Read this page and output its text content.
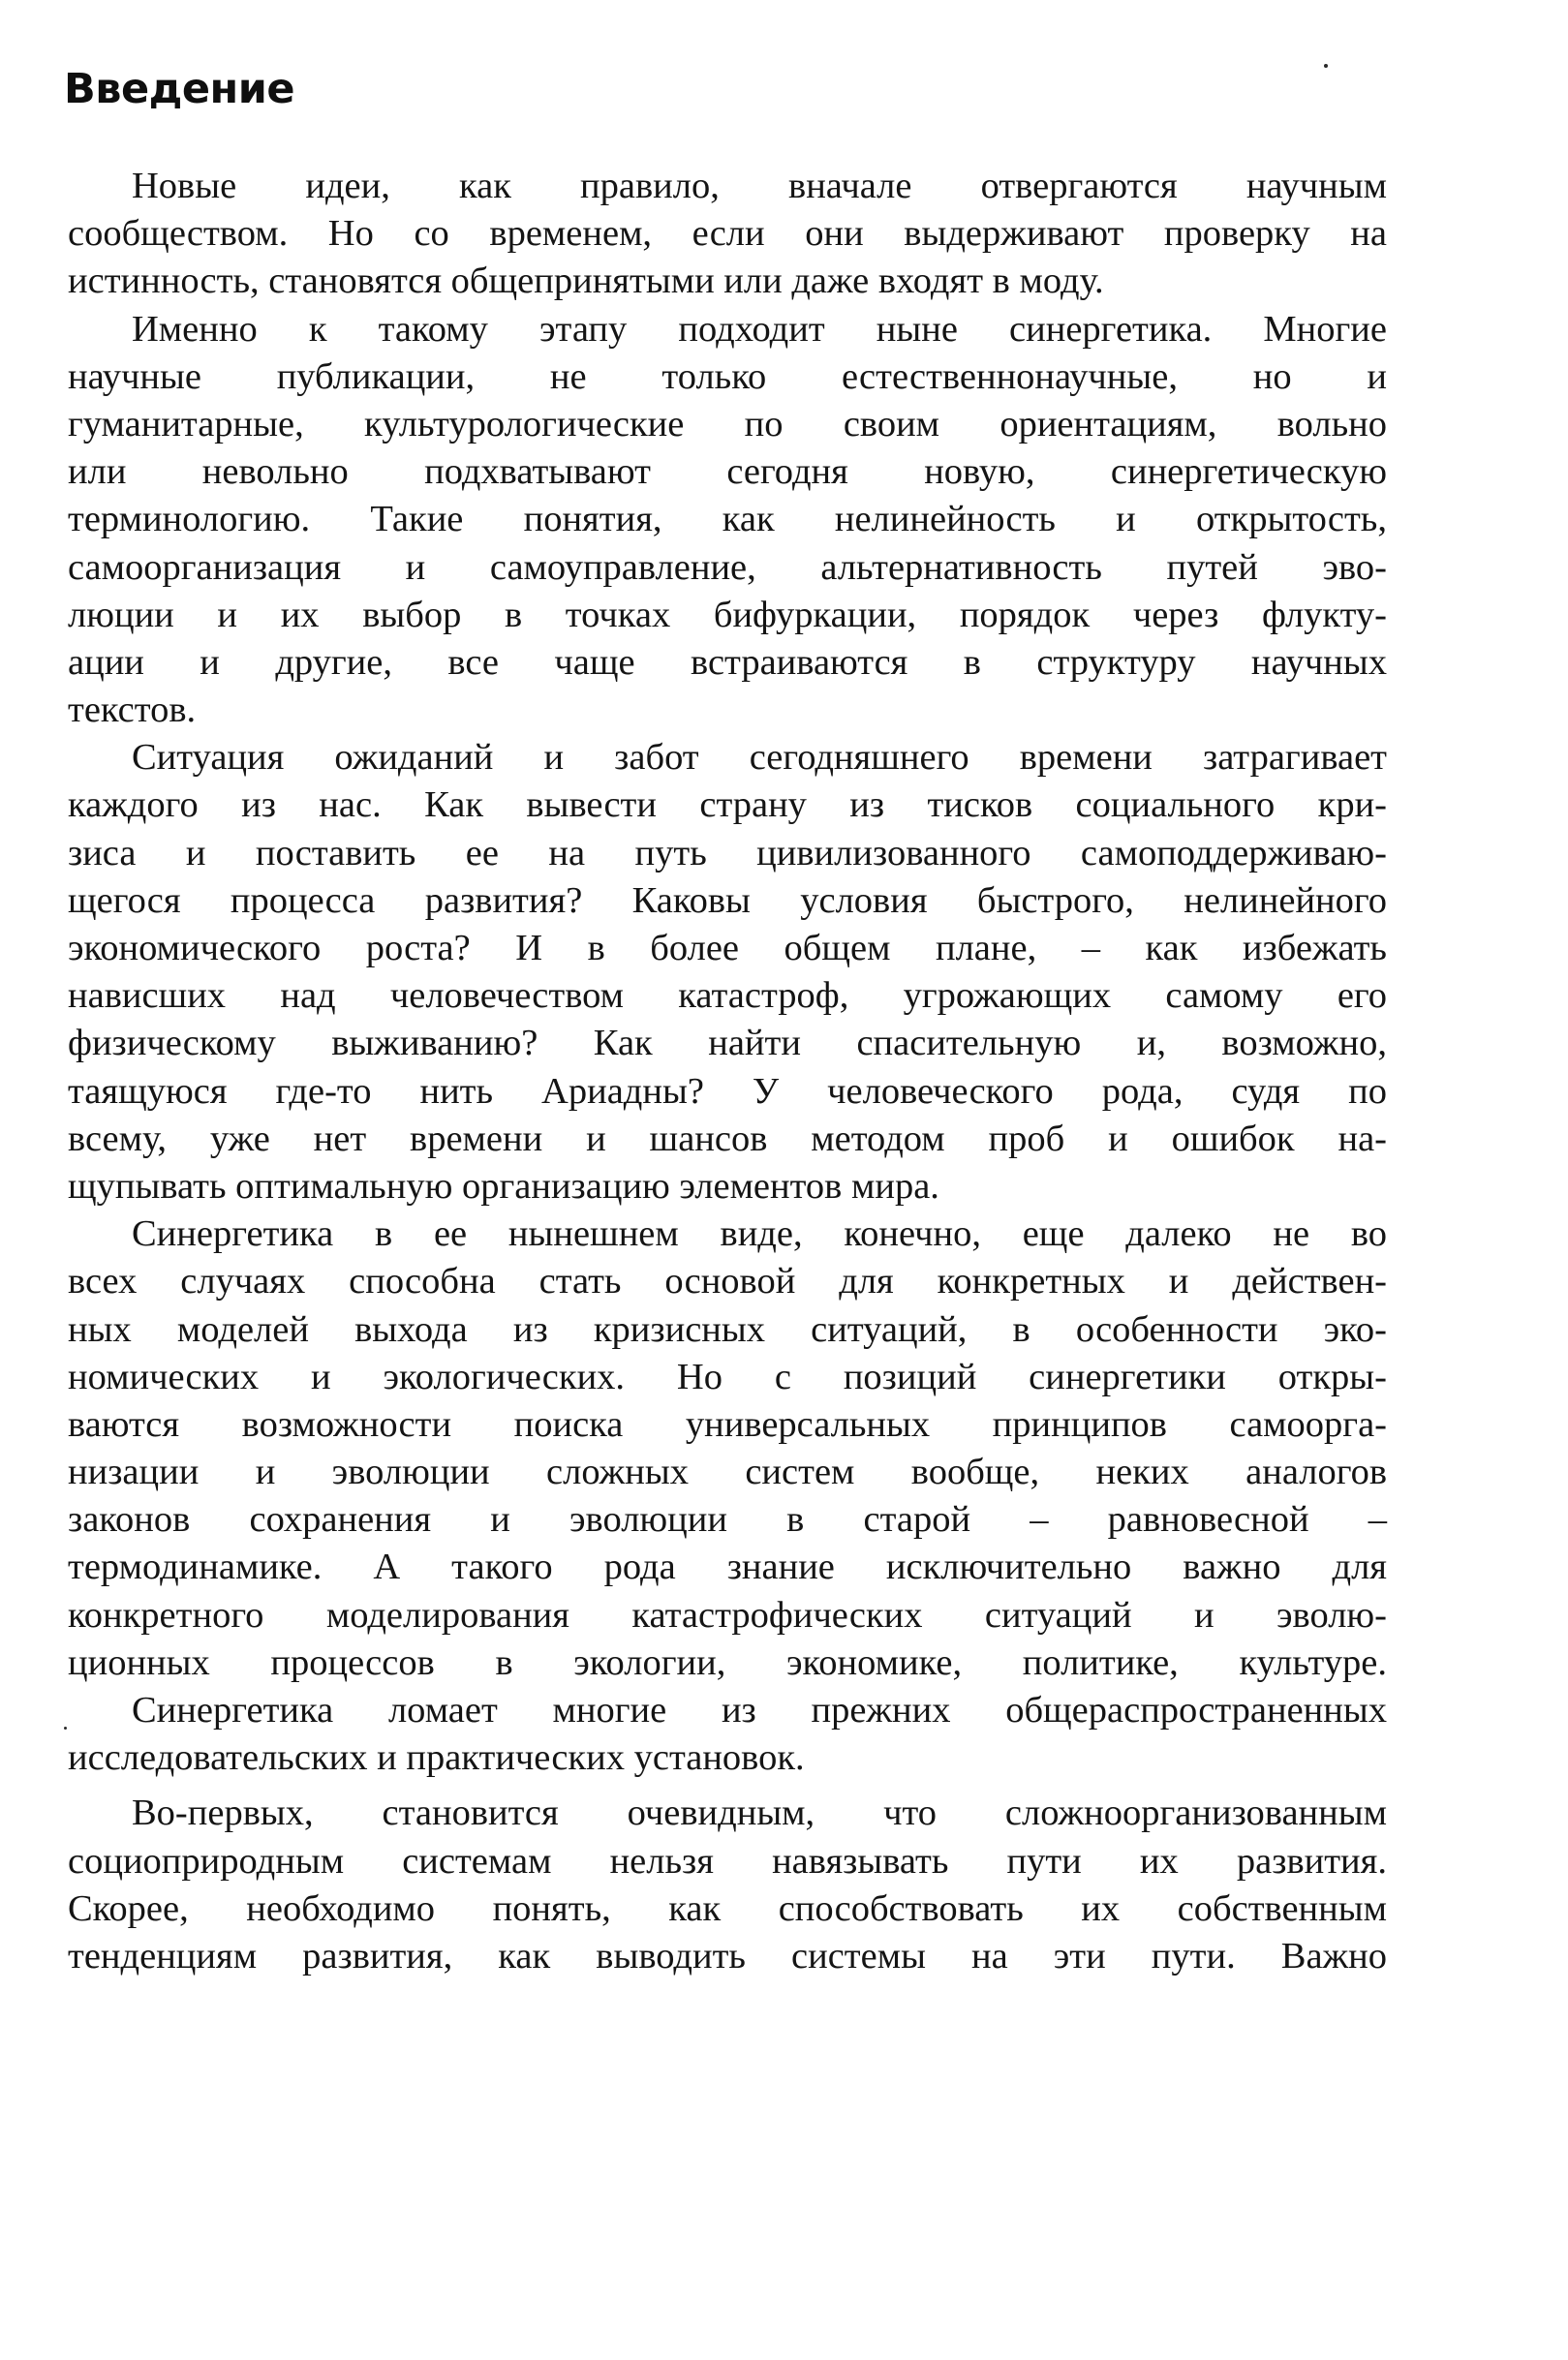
Введение
Новые идеи, как правило, вначале отвергаются научным
сообществом. Но со временем, если они выдерживают проверку на
истинность, становятся общепринятыми или даже входят в моду.
Именно к такому этапу подходит ныне синергетика. Многие
научные публикации, не только естественнонаучные, но и
гуманитарные, культурологические по своим ориентациям, вольно
или невольно подхватывают сегодня новую, синергетическую
терминологию. Такие понятия, как нелинейность и открытость,
самоорганизация и самоуправление, альтернативность путей эво-
люции и их выбор в точках бифуркации, порядок через флукту-
ации и другие, все чаще встраиваются в структуру научных
текстов.
Ситуация ожиданий и забот сегодняшнего времени затрагивает
каждого из нас. Как вывести страну из тисков социального кри-
зиса и поставить ее на путь цивилизованного самоподдерживаю-
щегося процесса развития? Каковы условия быстрого, нелинейного
экономического роста? И в более общем плане, – как избежать
нависших над человечеством катастроф, угрожающих самому его
физическому выживанию? Как найти спасительную и, возможно,
таящуюся где-то нить Ариадны? У человеческого рода, судя по
всему, уже нет времени и шансов методом проб и ошибок на-
щупывать оптимальную организацию элементов мира.
Синергетика в ее нынешнем виде, конечно, еще далеко не во
всех случаях способна стать основой для конкретных и действен-
ных моделей выхода из кризисных ситуаций, в особенности эко-
номических и экологических. Но с позиций синергетики откры-
ваются возможности поиска универсальных принципов самоорга-
низации и эволюции сложных систем вообще, неких аналогов
законов сохранения и эволюции в старой – равновесной –
термодинамике. А такого рода знание исключительно важно для
конкретного моделирования катастрофических ситуаций и эволю-
ционных процессов в экологии, экономике, политике, культуре.
Синергетика ломает многие из прежних общераспространенных
исследовательских и практических установок.
Во-первых, становится очевидным, что сложноорганизованным
социоприродным системам нельзя навязывать пути их развития.
Скорее, необходимо понять, как способствовать их собственным
тенденциям развития, как выводить системы на эти пути. Важно
